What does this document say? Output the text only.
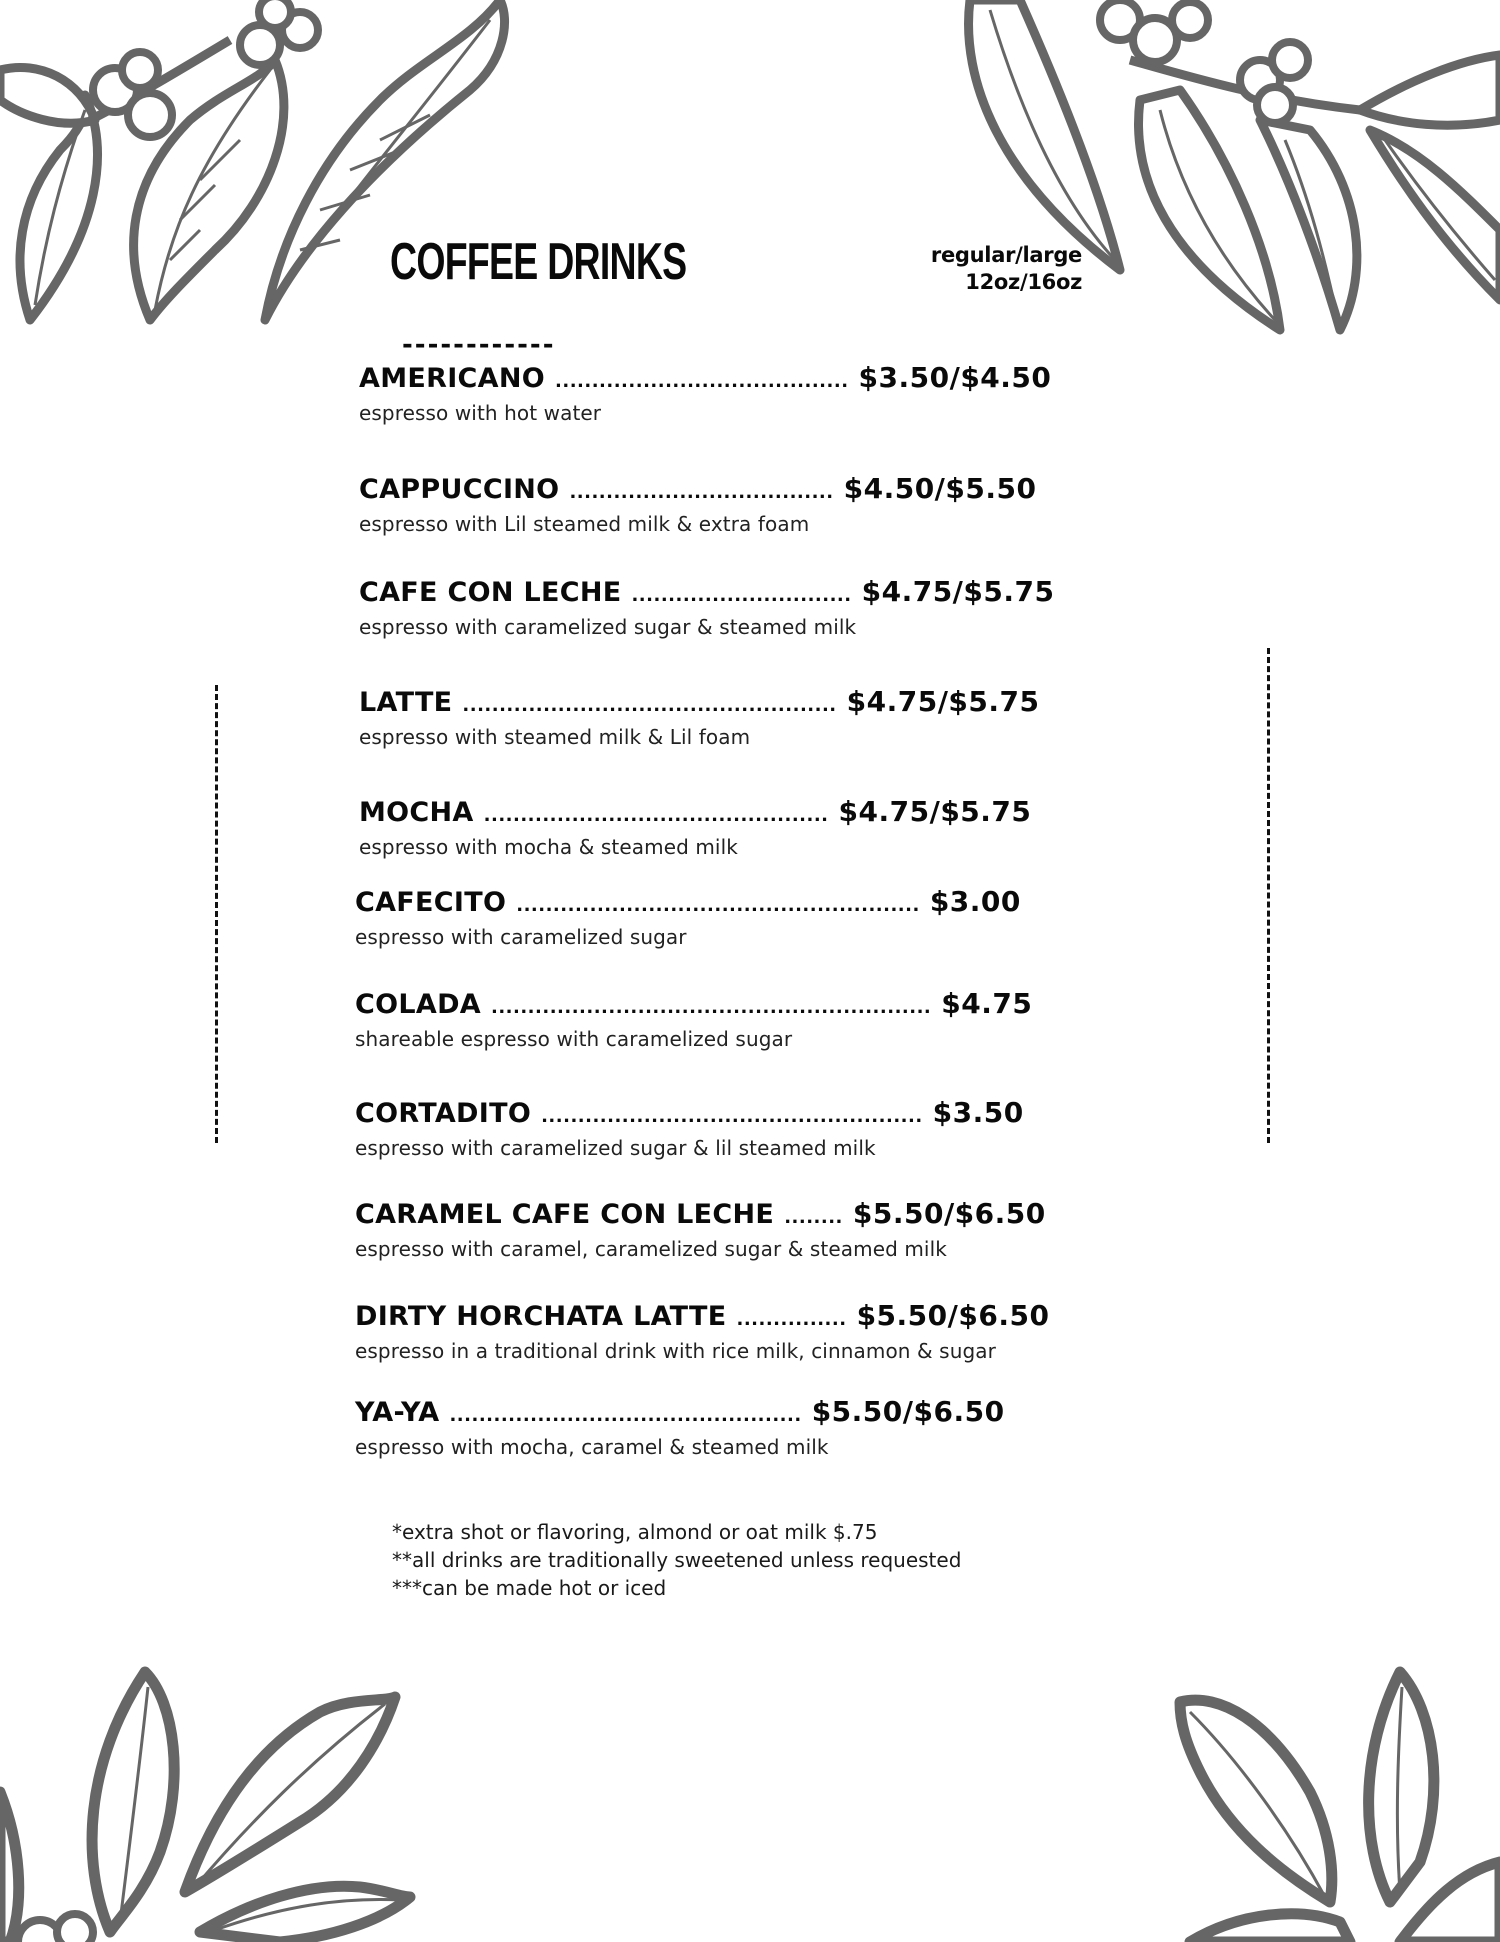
COFFEE DRINKS	regular/large
12oz/16oz
------------
AMERICANO ........................................ $3.50/$4.50
espresso with hot water
CAPPUCCINO .................................... $4.50/$5.50
espresso with Lil steamed milk & extra foam
CAFE CON LECHE .............................. $4.75/$5.75
espresso with caramelized sugar & steamed milk
LATTE ................................................... $4.75/$5.75
espresso with steamed milk & Lil foam
MOCHA ............................................... $4.75/$5.75
espresso with mocha & steamed milk
CAFECITO ....................................................... $3.00
espresso with caramelized sugar
COLADA ............................................................ $4.75
shareable espresso with caramelized sugar
CORTADITO .................................................... $3.50
espresso with caramelized sugar & lil steamed milk
CARAMEL CAFE CON LECHE ........ $5.50/$6.50
espresso with caramel, caramelized sugar & steamed milk
DIRTY HORCHATA LATTE ............... $5.50/$6.50
espresso in a traditional drink with rice milk, cinnamon & sugar
YA-YA ................................................ $5.50/$6.50
espresso with mocha, caramel & steamed milk
*extra shot or flavoring, almond or oat milk $.75
**all drinks are traditionally sweetened unless requested
***can be made hot or iced
